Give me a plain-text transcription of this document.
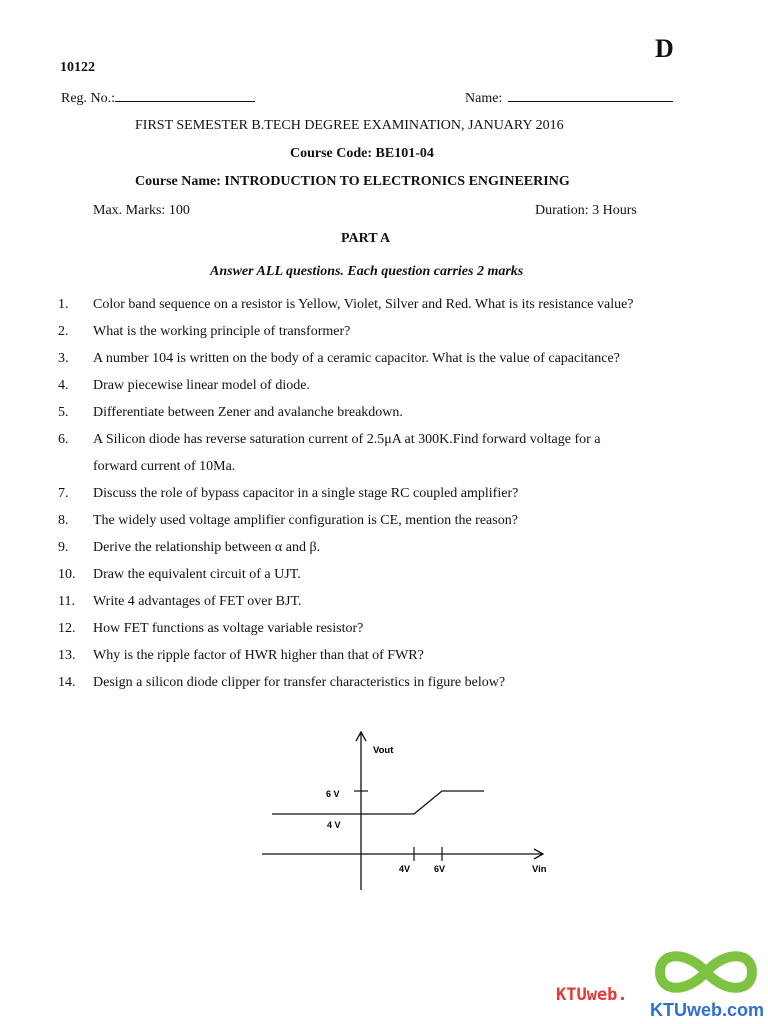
D
10122
Reg. No.:	Name:
FIRST SEMESTER B.TECH DEGREE EXAMINATION, JANUARY 2016
Course Code: BE101-04
Course Name: INTRODUCTION TO ELECTRONICS ENGINEERING
Max. Marks: 100	Duration: 3 Hours
PART A
Answer ALL questions. Each question carries 2 marks
1.	Color band sequence on a resistor is Yellow, Violet, Silver and Red. What is its resistance value?
2.	What is the working principle of transformer?
3.	A number 104 is written on the body of a ceramic capacitor. What is the value of capacitance?
4.	Draw piecewise linear model of diode.
5.	Differentiate between Zener and avalanche breakdown.
6.	A Silicon diode has reverse saturation current of 2.5μA at 300K.Find forward voltage for a
forward current of 10Ma.
7.	Discuss the role of bypass capacitor in a single stage RC coupled amplifier?
8.	The widely used voltage amplifier configuration is CE, mention the reason?
9.	Derive the relationship between α and β.
10.	Draw the equivalent circuit of a UJT.
11.	Write 4 advantages of FET over BJT.
12.	How FET functions as voltage variable resistor?
13.	Why is the ripple factor of HWR higher than that of FWR?
14.	Design a silicon diode clipper for transfer characteristics in figure below?
Vout
6 V
4 V
4V	6V	Vin
KTUweb.
KTUweb.com
